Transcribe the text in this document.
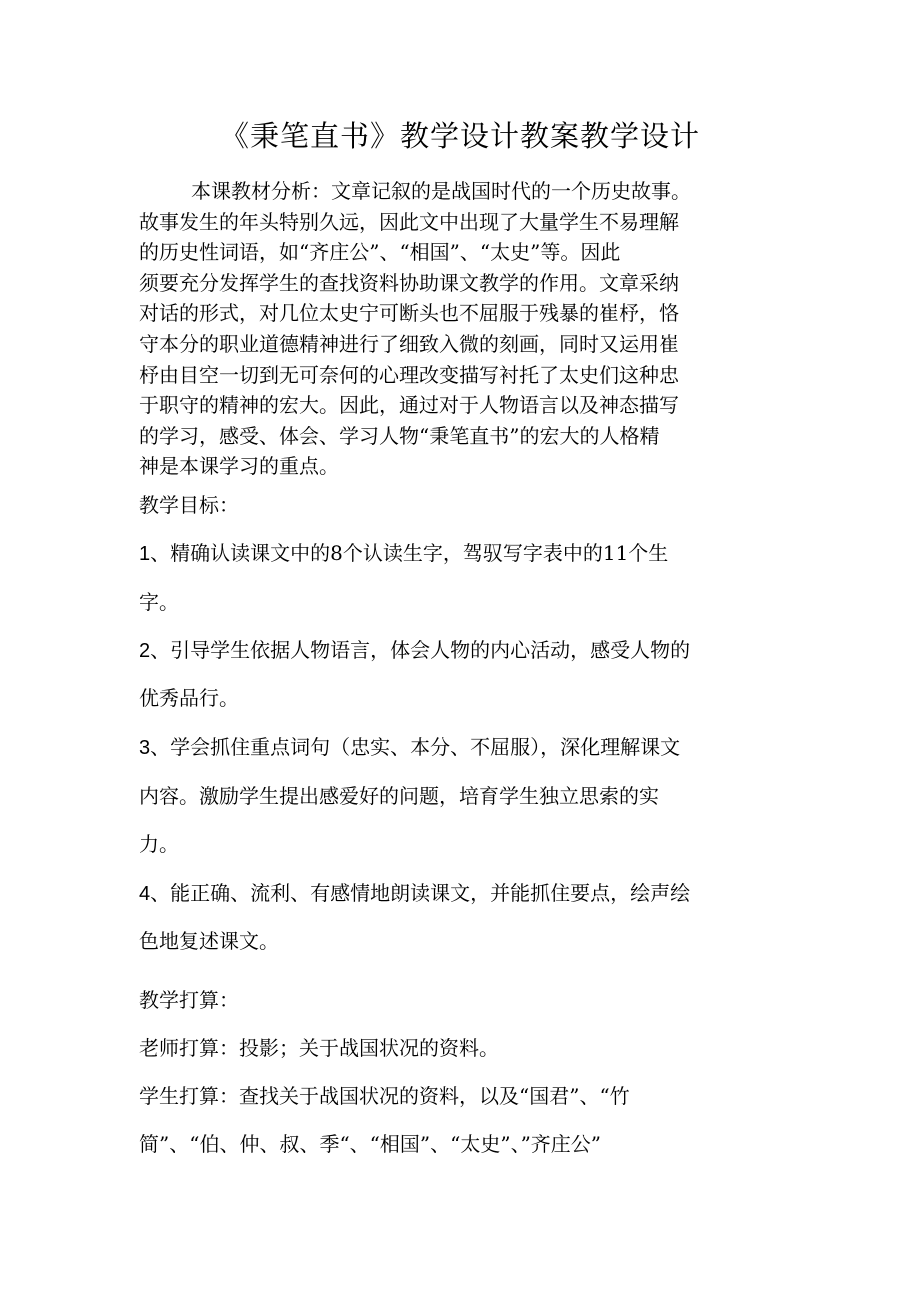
《秉笔直书》教学设计教案教学设计
本课教材分析：文章记叙的是战国时代的一个历史故事。
故事发生的年头特别久远，因此文中出现了大量学生不易理解
的历史性词语，如“齐庄公”、“相国”、“太史”等。因此
须要充分发挥学生的查找资料协助课文教学的作用。文章采纳
对话的形式，对几位太史宁可断头也不屈服于残暴的崔杼，恪
守本分的职业道德精神进行了细致入微的刻画，同时又运用崔
杼由目空一切到无可奈何的心理改变描写衬托了太史们这种忠
于职守的精神的宏大。因此，通过对于人物语言以及神态描写
的学习，感受、体会、学习人物“秉笔直书”的宏大的人格精
神是本课学习的重点。
教学目标：
1、精确认读课文中的8个认读生字，驾驭写字表中的11个生
字。
2、引导学生依据人物语言，体会人物的内心活动，感受人物的
优秀品行。
3、学会抓住重点词句（忠实、本分、不屈服），深化理解课文
内容。激励学生提出感爱好的问题，培育学生独立思索的实
力。
4、能正确、流利、有感情地朗读课文，并能抓住要点，绘声绘
色地复述课文。
教学打算：
老师打算：投影；关于战国状况的资料。
学生打算：查找关于战国状况的资料，以及“国君”、“竹
简”、“伯、仲、叔、季“、“相国”、“太史”、”齐庄公”
